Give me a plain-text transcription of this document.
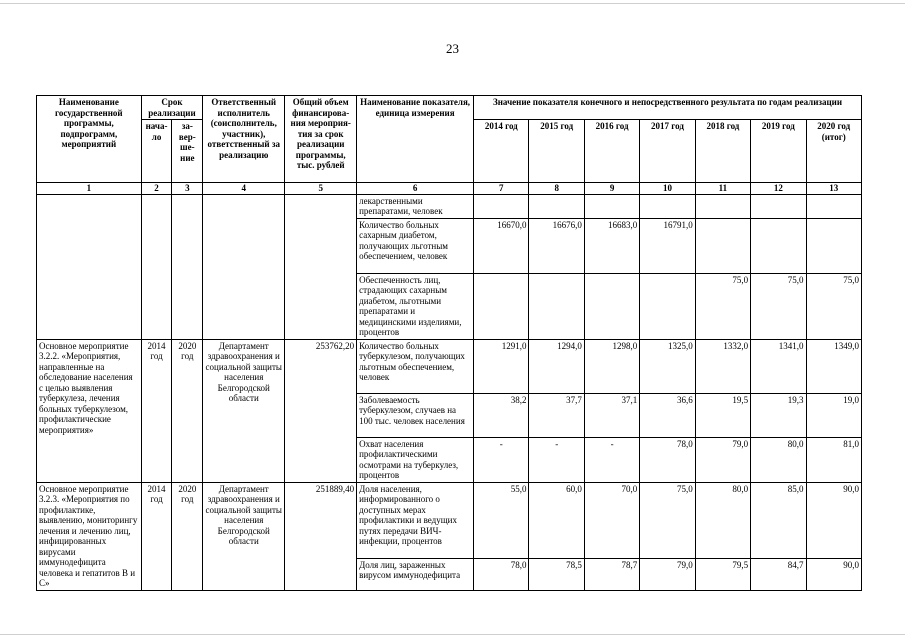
23
Наименование государственной программы, подпрограмм, мероприятий	Срок реализации		Ответственный исполнитель (соисполнитель, участник), ответственный за реализацию	Общий объем финансирова-ния мероприя-тия за срок реализации программы, тыс. рублей	Наименование показателя, единица измерения	Значение показателя конечного и непосредственного результата по годам реализации						
	нача-ло	за-вер-ше-ние				2014 год	2015 год	2016 год	2017 год	2018 год	2019 год	2020 год (итог)
1	2	3	4	5	6	7	8	9	10	11	12	13
					лекарственными препаратами, человек							
					Количество больных сахарным диабетом, получающих льготным обеспечением, человек	16670,0	16676,0	16683,0	16791,0			
					Обеспеченность лиц, страдающих сахарным диабетом, льготными препаратами и медицинскими изделиями, процентов					75,0	75,0	75,0
Основное мероприятие 3.2.2. «Мероприятия, направленные на обследование населения с целью выявления туберкулеза, лечения больных туберкулезом, профилактические мероприятия»	2014 год	2020 год	Департамент здравоохранения и социальной защиты населения Белгородской области	253762,20	Количество больных туберкулезом, получающих льготным обеспечением, человек	1291,0	1294,0	1298,0	1325,0	1332,0	1341,0	1349,0
					Заболеваемость туберкулезом, случаев на 100 тыс. человек населения	38,2	37,7	37,1	36,6	19,5	19,3	19,0
					Охват населения профилактическими осмотрами на туберкулез, процентов	-	-	-	78,0	79,0	80,0	81,0
Основное мероприятие 3.2.3. «Мероприятия по профилактике, выявлению, мониторингу лечения и лечению лиц, инфицированных вирусами иммунодефицита человека и гепатитов В и С»	2014 год	2020 год	Департамент здравоохранения и социальной защиты населения Белгородской области	251889,40	Доля населения, информированного о доступных мерах профилактики и ведущих путях передачи ВИЧ-инфекции, процентов	55,0	60,0	70,0	75,0	80,0	85,0	90,0
					Доля лиц, зараженных вирусом иммунодефицита	78,0	78,5	78,7	79,0	79,5	84,7	90,0
